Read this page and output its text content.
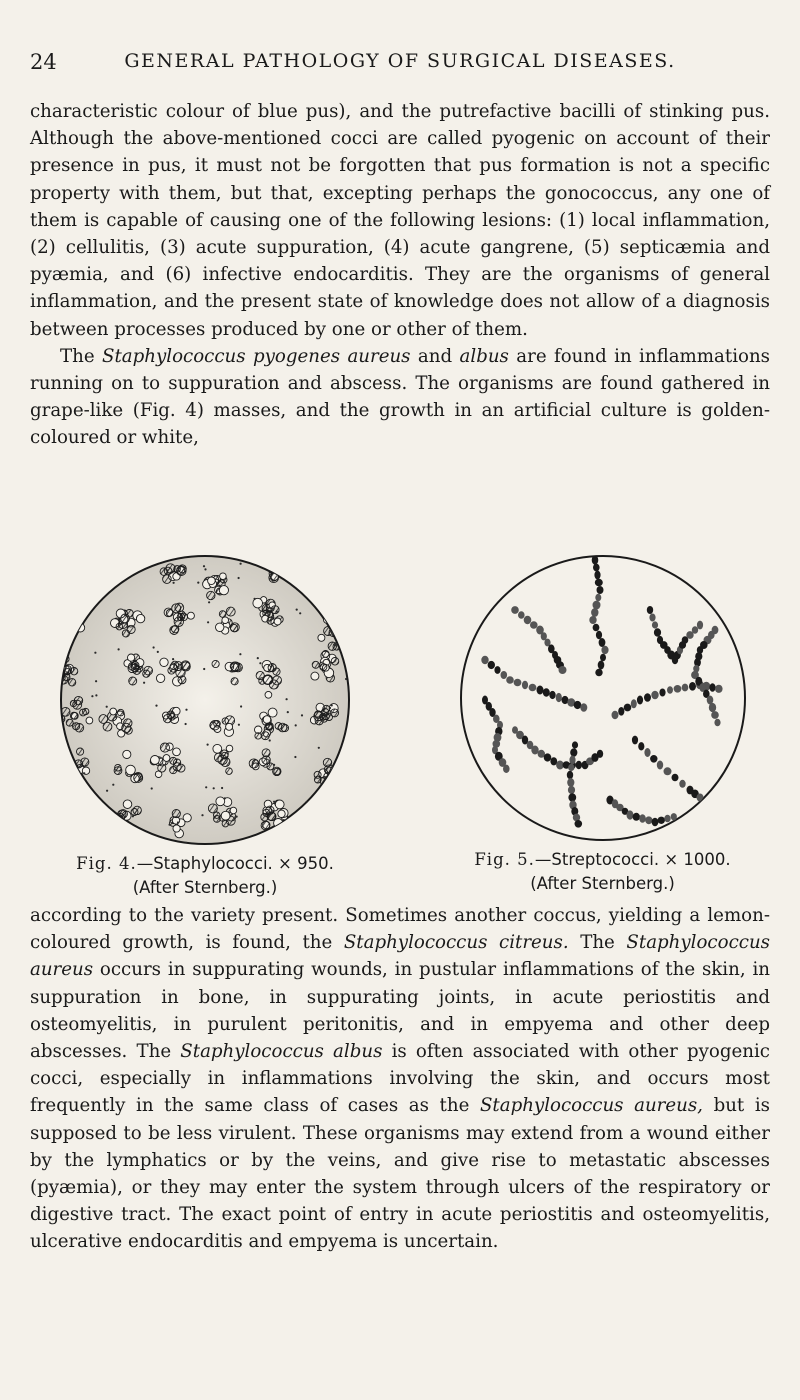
24	GENERAL PATHOLOGY OF SURGICAL DISEASES.

characteristic colour of blue pus), and the putrefactive bacilli of stinking pus. Although the above-mentioned cocci are called pyogenic on account of their presence in pus, it must not be forgotten that pus formation is not a specific property with them, but that, excepting perhaps the gonococcus, any one of them is capable of causing one of the following lesions: (1) local inflammation, (2) cellulitis, (3) acute suppuration, (4) acute gangrene, (5) septicæmia and pyæmia, and (6) infective endocarditis. They are the organisms of general inflammation, and the present state of knowledge does not allow of a diagnosis between processes produced by one or other of them.

The Staphylococcus pyogenes aureus and albus are found in inflammations running on to suppuration and abscess. The organisms are found gathered in grape-like (Fig. 4) masses, and the growth in an artificial culture is golden-coloured or white,

Fig. 4.—Staphylococci. × 950.
(After Sternberg.)
Fig. 5.—Streptococci. × 1000.
(After Sternberg.)

according to the variety present. Sometimes another coccus, yielding a lemon-coloured growth, is found, the Staphylococcus citreus. The Staphylococcus aureus occurs in suppurating wounds, in pustular inflammations of the skin, in suppuration in bone, in suppurating joints, in acute periostitis and osteomyelitis, in purulent peritonitis, and in empyema and other deep abscesses. The Staphylococcus albus is often associated with other pyogenic cocci, especially in inflammations involving the skin, and occurs most frequently in the same class of cases as the Staphylococcus aureus, but is supposed to be less virulent. These organisms may extend from a wound either by the lymphatics or by the veins, and give rise to metastatic abscesses (pyæmia), or they may enter the system through ulcers of the respiratory or digestive tract. The exact point of entry in acute periostitis and osteomyelitis, ulcerative endocarditis and empyema is uncertain.
